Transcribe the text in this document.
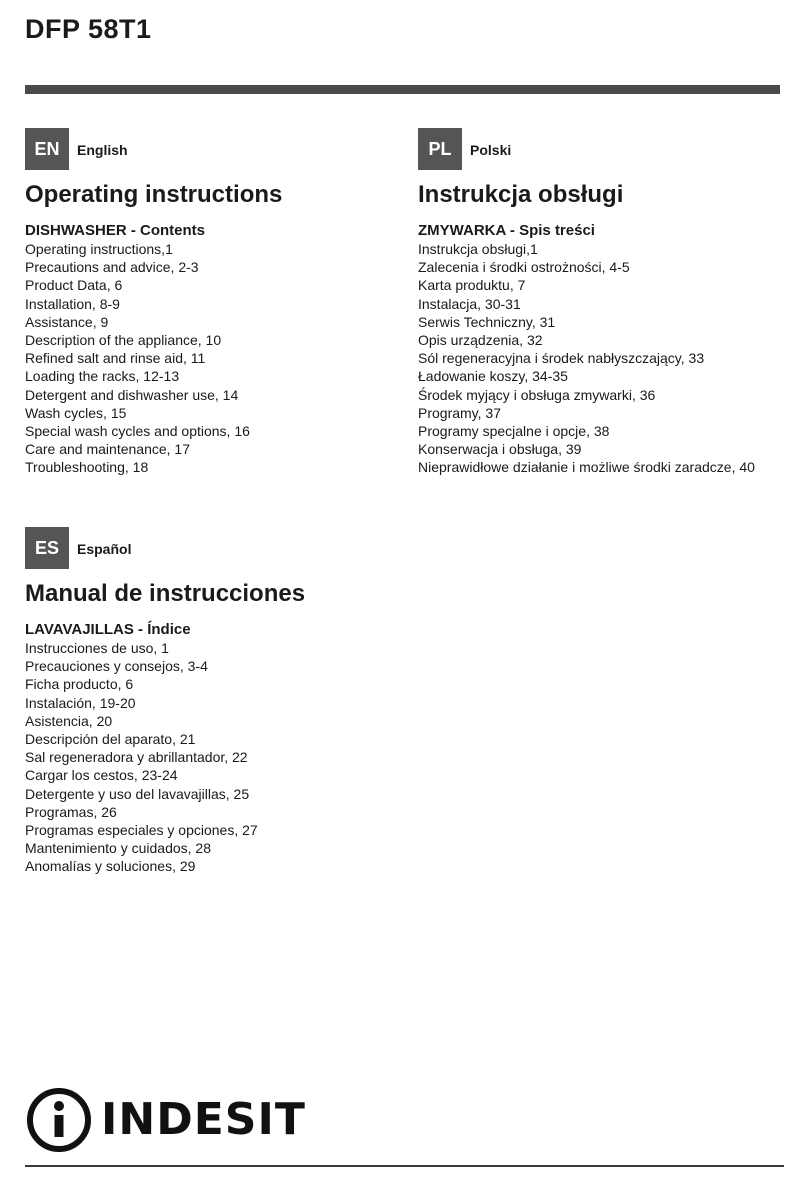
DFP 58T1
EN	English
Operating instructions
DISHWASHER - Contents
Operating instructions,1
Precautions and advice, 2-3
Product Data, 6
Installation, 8-9
Assistance, 9
Description of the appliance, 10
Refined salt and rinse aid, 11
Loading the racks, 12-13
Detergent and dishwasher use, 14
Wash cycles, 15
Special wash cycles and options, 16
Care and maintenance, 17
Troubleshooting, 18
PL	Polski
Instrukcja obsługi
ZMYWARKA - Spis treści
Instrukcja obsługi,1
Zalecenia i środki ostrożności, 4-5
Karta produktu, 7
Instalacja, 30-31
Serwis Techniczny, 31
Opis urządzenia, 32
Sól regeneracyjna i środek nabłyszczający, 33
Ładowanie koszy, 34-35
Środek myjący i obsługa zmywarki, 36
Programy, 37
Programy specjalne i opcje, 38
Konserwacja i obsługa, 39
Nieprawidłowe działanie i możliwe środki zaradcze, 40
ES	Español
Manual de instrucciones
LAVAVAJILLAS - Índice
Instrucciones de uso, 1
Precauciones y consejos, 3-4
Ficha producto, 6
Instalación, 19-20
Asistencia, 20
Descripción del aparato, 21
Sal regeneradora y abrillantador, 22
Cargar los cestos, 23-24
Detergente y uso del lavavajillas, 25
Programas, 26
Programas especiales y opciones, 27
Mantenimiento y cuidados, 28
Anomalías y soluciones, 29
INDESIT
